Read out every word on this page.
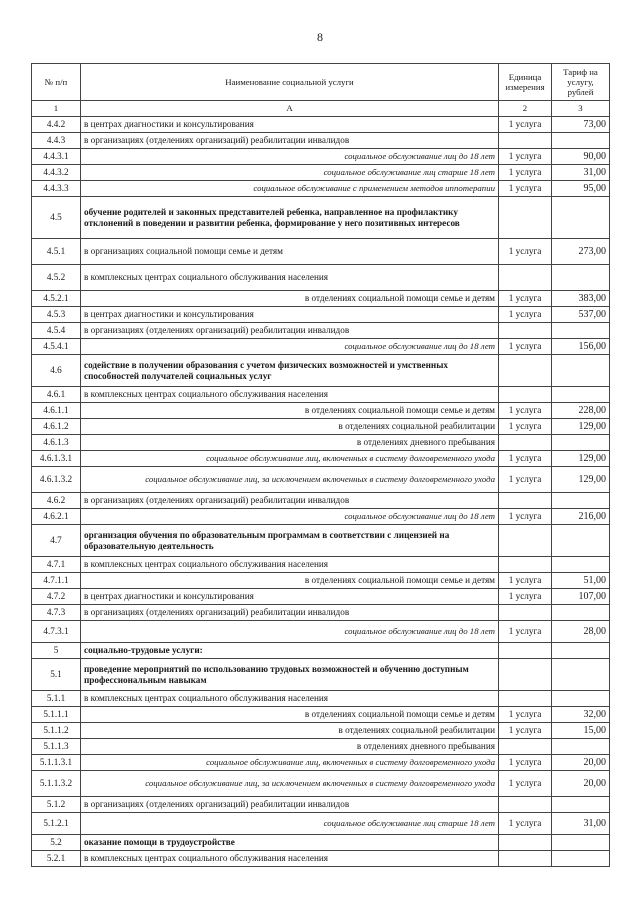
8
№ п/п	Наименование социальной услуги	Единица измерения	Тариф на услугу, рублей
1	А	2	3
4.4.2	в центрах диагностики и консультирования	1 услуга	73,00
4.4.3	в организациях (отделениях организаций) реабилитации инвалидов		
4.4.3.1	социальное обслуживание лиц до 18 лет	1 услуга	90,00
4.4.3.2	социальное обслуживание лиц старше 18 лет	1 услуга	31,00
4.4.3.3	социальное обслуживание с применением методов иппотерапии	1 услуга	95,00
4.5	обучение родителей и законных представителей ребенка, направленное на профилактику отклонений в поведении и развитии ребенка, формирование у него позитивных интересов		
4.5.1	в организациях социальной помощи семье и детям	1 услуга	273,00
4.5.2	в комплексных центрах социального обслуживания населения		
4.5.2.1	в отделениях социальной помощи семье и детям	1 услуга	383,00
4.5.3	в центрах диагностики и консультирования	1 услуга	537,00
4.5.4	в организациях (отделениях организаций) реабилитации инвалидов		
4.5.4.1	социальное обслуживание лиц до 18 лет	1 услуга	156,00
4.6	содействие в получении образования с учетом физических возможностей и умственных способностей получателей социальных услуг		
4.6.1	в комплексных центрах социального обслуживания населения		
4.6.1.1	в отделениях социальной помощи семье и детям	1 услуга	228,00
4.6.1.2	в отделениях социальной реабилитации	1 услуга	129,00
4.6.1.3	в отделениях дневного пребывания		
4.6.1.3.1	социальное обслуживание лиц, включенных в систему долговременного ухода	1 услуга	129,00
4.6.1.3.2	социальное обслуживание лиц, за исключением включенных в систему долговременного ухода	1 услуга	129,00
4.6.2	в организациях (отделениях организаций) реабилитации инвалидов		
4.6.2.1	социальное обслуживание лиц до 18 лет	1 услуга	216,00
4.7	организация обучения по образовательным программам в соответствии с лицензией на образовательную деятельность		
4.7.1	в комплексных центрах социального обслуживания населения		
4.7.1.1	в отделениях социальной помощи семье и детям	1 услуга	51,00
4.7.2	в центрах диагностики и консультирования	1 услуга	107,00
4.7.3	в организациях (отделениях организаций) реабилитации инвалидов		
4.7.3.1	социальное обслуживание лиц до 18 лет	1 услуга	28,00
5	социально-трудовые услуги:		
5.1	проведение мероприятий по использованию трудовых возможностей и обучению доступным профессиональным навыкам		
5.1.1	в комплексных центрах социального обслуживания населения		
5.1.1.1	в отделениях социальной помощи семье и детям	1 услуга	32,00
5.1.1.2	в отделениях социальной реабилитации	1 услуга	15,00
5.1.1.3	в отделениях дневного пребывания		
5.1.1.3.1	социальное обслуживание лиц, включенных в систему долговременного ухода	1 услуга	20,00
5.1.1.3.2	социальное обслуживание лиц, за исключением включенных в систему долговременного ухода	1 услуга	20,00
5.1.2	в организациях (отделениях организаций) реабилитации инвалидов		
5.1.2.1	социальное обслуживание лиц старше 18 лет	1 услуга	31,00
5.2	оказание помощи в трудоустройстве		
5.2.1	в комплексных центрах социального обслуживания населения		
